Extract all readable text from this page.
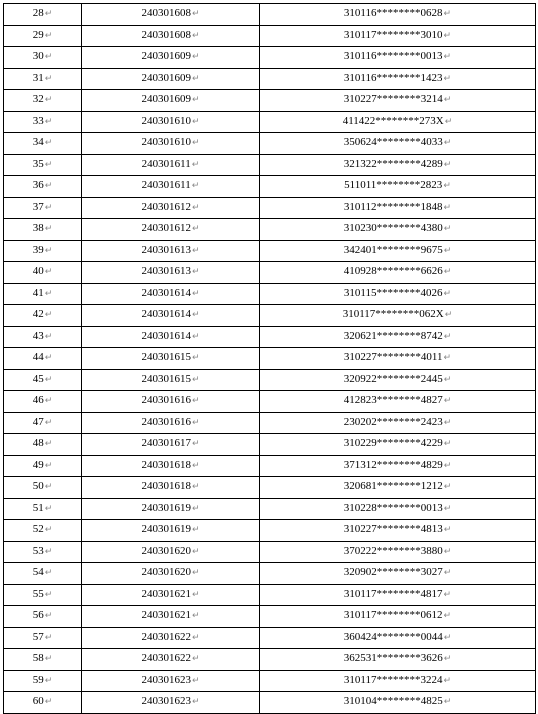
28↵	240301608↵	310116********0628↵
29↵	240301608↵	310117********3010↵
30↵	240301609↵	310116********0013↵
31↵	240301609↵	310116********1423↵
32↵	240301609↵	310227********3214↵
33↵	240301610↵	411422********273X↵
34↵	240301610↵	350624********4033↵
35↵	240301611↵	321322********4289↵
36↵	240301611↵	511011********2823↵
37↵	240301612↵	310112********1848↵
38↵	240301612↵	310230********4380↵
39↵	240301613↵	342401********9675↵
40↵	240301613↵	410928********6626↵
41↵	240301614↵	310115********4026↵
42↵	240301614↵	310117********062X↵
43↵	240301614↵	320621********8742↵
44↵	240301615↵	310227********4011↵
45↵	240301615↵	320922********2445↵
46↵	240301616↵	412823********4827↵
47↵	240301616↵	230202********2423↵
48↵	240301617↵	310229********4229↵
49↵	240301618↵	371312********4829↵
50↵	240301618↵	320681********1212↵
51↵	240301619↵	310228********0013↵
52↵	240301619↵	310227********4813↵
53↵	240301620↵	370222********3880↵
54↵	240301620↵	320902********3027↵
55↵	240301621↵	310117********4817↵
56↵	240301621↵	310117********0612↵
57↵	240301622↵	360424********0044↵
58↵	240301622↵	362531********3626↵
59↵	240301623↵	310117********3224↵
60↵	240301623↵	310104********4825↵
